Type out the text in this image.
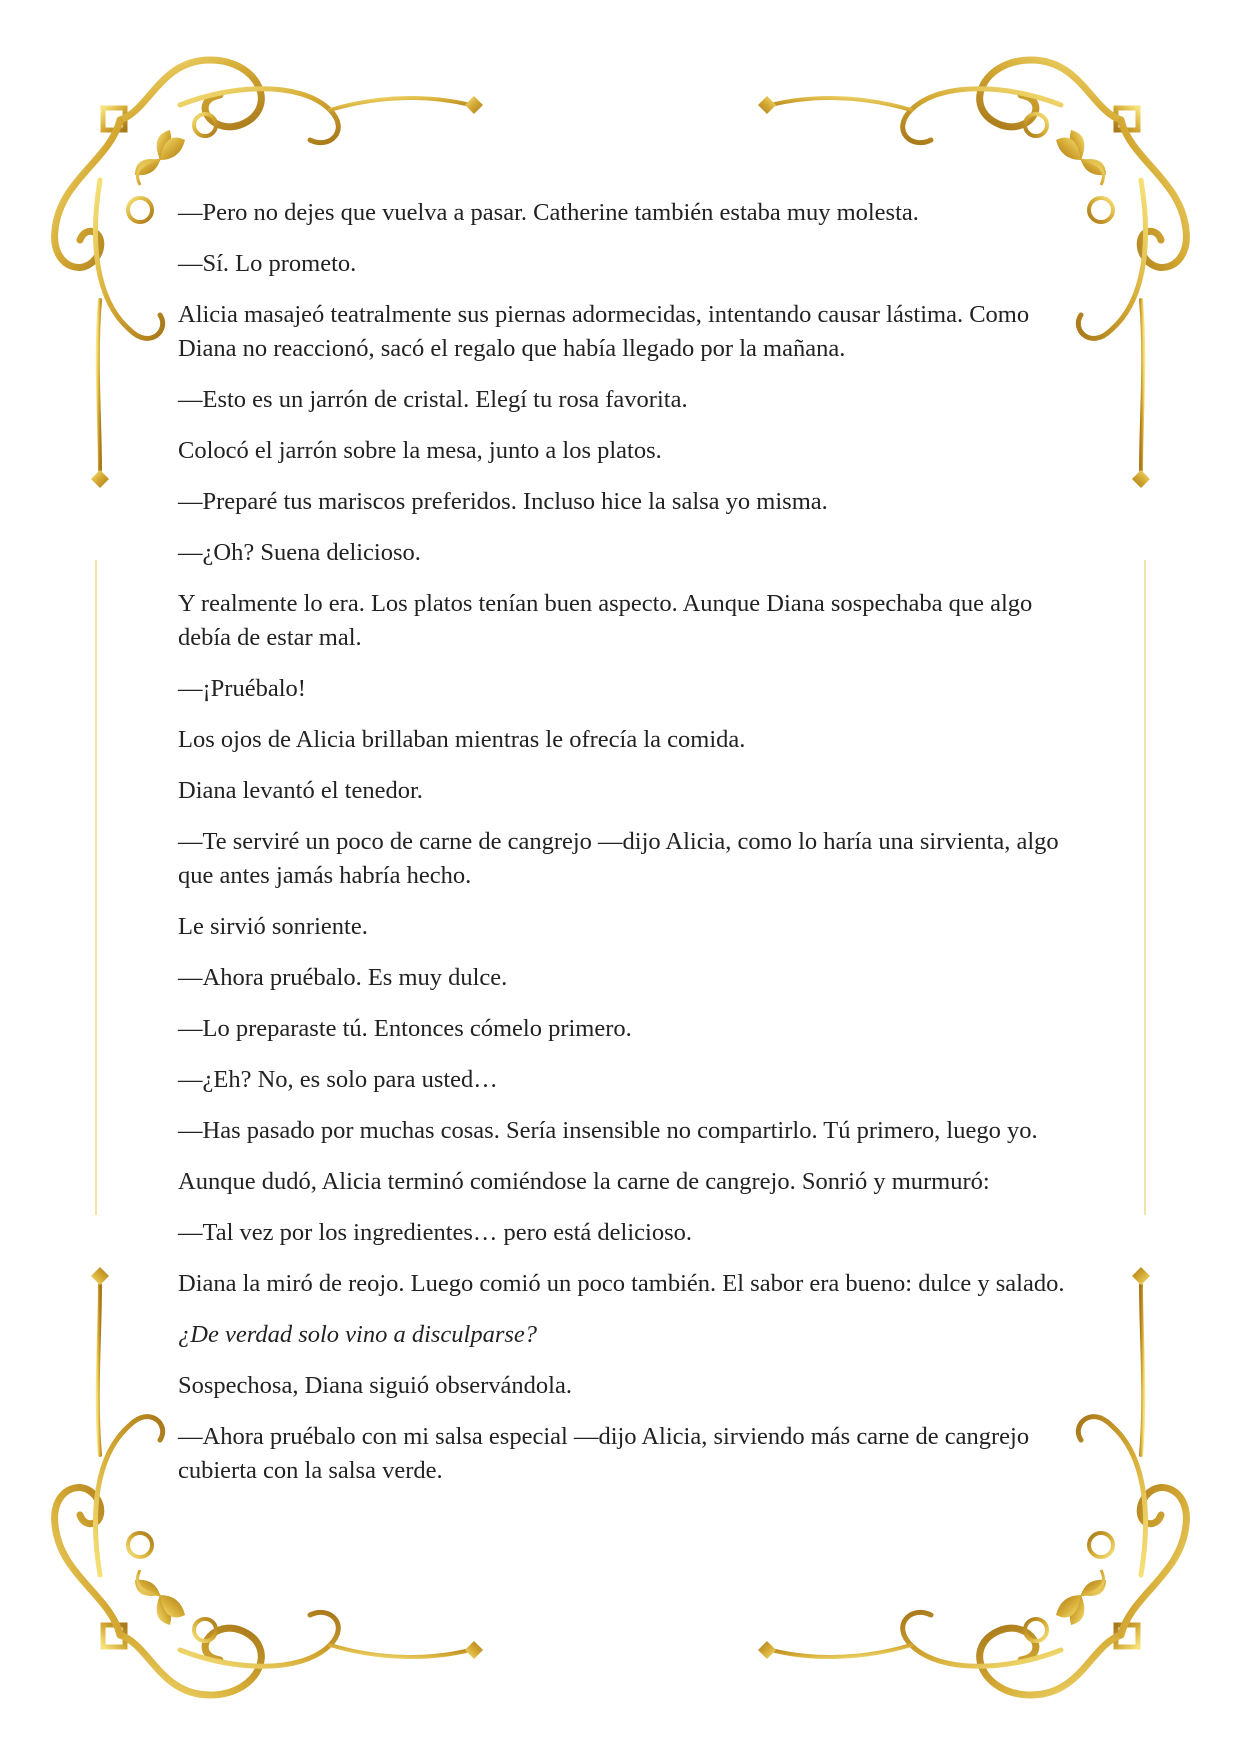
—Pero no dejes que vuelva a pasar. Catherine también estaba muy molesta.

—Sí. Lo prometo.

Alicia masajeó teatralmente sus piernas adormecidas, intentando causar lástima. Como Diana no reaccionó, sacó el regalo que había llegado por la mañana.

—Esto es un jarrón de cristal. Elegí tu rosa favorita.

Colocó el jarrón sobre la mesa, junto a los platos.

—Preparé tus mariscos preferidos. Incluso hice la salsa yo misma.

—¿Oh? Suena delicioso.

Y realmente lo era. Los platos tenían buen aspecto. Aunque Diana sospechaba que algo debía de estar mal.

—¡Pruébalo!

Los ojos de Alicia brillaban mientras le ofrecía la comida.

Diana levantó el tenedor.

—Te serviré un poco de carne de cangrejo —dijo Alicia, como lo haría una sirvienta, algo que antes jamás habría hecho.

Le sirvió sonriente.

—Ahora pruébalo. Es muy dulce.

—Lo preparaste tú. Entonces cómelo primero.

—¿Eh? No, es solo para usted…

—Has pasado por muchas cosas. Sería insensible no compartirlo. Tú primero, luego yo.

Aunque dudó, Alicia terminó comiéndose la carne de cangrejo. Sonrió y murmuró:

—Tal vez por los ingredientes… pero está delicioso.

Diana la miró de reojo. Luego comió un poco también. El sabor era bueno: dulce y salado.

¿De verdad solo vino a disculparse?

Sospechosa, Diana siguió observándola.

—Ahora pruébalo con mi salsa especial —dijo Alicia, sirviendo más carne de cangrejo cubierta con la salsa verde.
